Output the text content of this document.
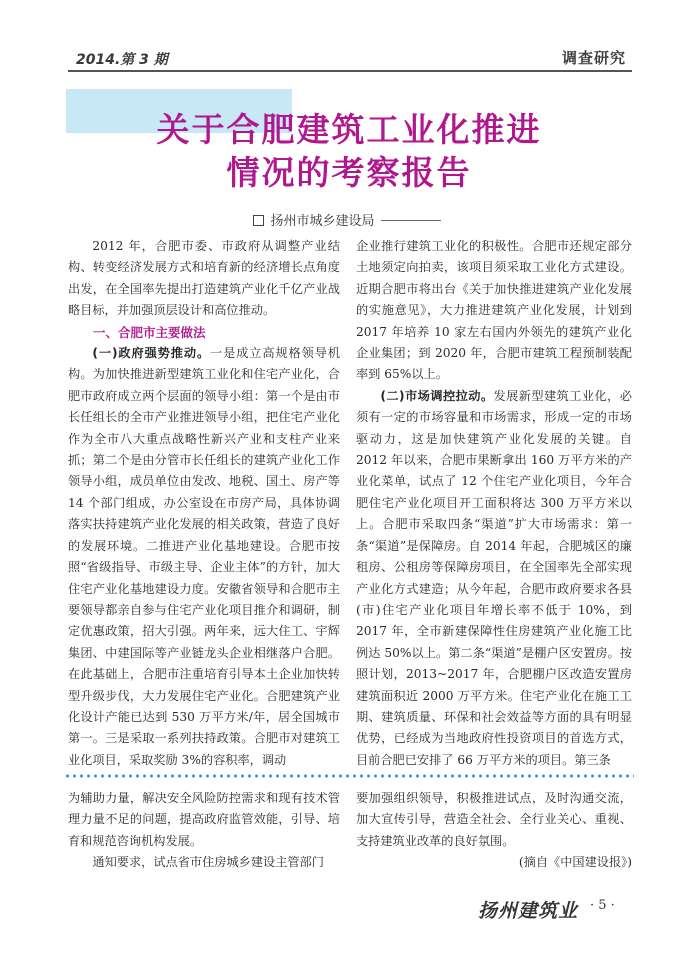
2014.第 3 期	调查研究
关于合肥建筑工业化推进
情况的考察报告
扬州市城乡建设局

2012 年，合肥市委、市政府从调整产业结构、转变经济发展方式和培育新的经济增长点角度出发，在全国率先提出打造建筑产业化千亿产业战略目标，并加强顶层设计和高位推动。

一、合肥市主要做法

(一)政府强势推动。一是成立高规格领导机构。为加快推进新型建筑工业化和住宅产业化，合肥市政府成立两个层面的领导小组：第一个是由市长任组长的全市产业推进领导小组，把住宅产业化作为全市八大重点战略性新兴产业和支柱产业来抓；第二个是由分管市长任组长的建筑产业化工作领导小组，成员单位由发改、地税、国土、房产等 14 个部门组成，办公室设在市房产局，具体协调落实扶持建筑产业化发展的相关政策，营造了良好的发展环境。二推进产业化基地建设。合肥市按照“省级指导、市级主导、企业主体”的方针，加大住宅产业化基地建设力度。安徽省领导和合肥市主要领导都亲自参与住宅产业化项目推介和调研，制定优惠政策，招大引强。两年来，远大住工、宇辉集团、中建国际等产业链龙头企业相继落户合肥。在此基础上，合肥市注重培育引导本土企业加快转型升级步伐，大力发展住宅产业化。合肥建筑产业化设计产能已达到 530 万平方米/年，居全国城市第一。三是采取一系列扶持政策。合肥市对建筑工业化项目，采取奖励 3%的容积率，调动

企业推行建筑工业化的积极性。合肥市还规定部分土地须定向拍卖，该项目须采取工业化方式建设。近期合肥市将出台《关于加快推进建筑产业化发展的实施意见》，大力推进建筑产业化发展，计划到 2017 年培养 10 家左右国内外领先的建筑产业化企业集团；到 2020 年，合肥市建筑工程预制装配率到 65%以上。

(二)市场调控拉动。发展新型建筑工业化，必须有一定的市场容量和市场需求，形成一定的市场驱动力，这是加快建筑产业化发展的关键。自 2012 年以来，合肥市果断拿出 160 万平方米的产业化菜单，试点了 12 个住宅产业化项目，今年合肥住宅产业化项目开工面积将达 300 万平方米以上。合肥市采取四条“渠道”扩大市场需求：第一条“渠道”是保障房。自 2014 年起，合肥城区的廉租房、公租房等保障房项目，在全国率先全部实现产业化方式建造；从今年起，合肥市政府要求各县(市)住宅产业化项目年增长率不低于 10%，到 2017 年，全市新建保障性住房建筑产业化施工比例达 50%以上。第二条“渠道”是棚户区安置房。按照计划，2013~2017 年，合肥棚户区改造安置房建筑面积近 2000 万平方米。住宅产业化在施工工期、建筑质量、环保和社会效益等方面的具有明显优势，已经成为当地政府性投资项目的首选方式，目前合肥已安排了 66 万平方米的项目。第三条

为辅助力量，解决安全风险防控需求和现有技术管理力量不足的问题，提高政府监管效能，引导、培育和规范咨询机构发展。

通知要求，试点省市住房城乡建设主管部门

要加强组织领导，积极推进试点，及时沟通交流，加大宣传引导，营造全社会、全行业关心、重视、支持建筑业改革的良好氛围。

(摘自《中国建设报》)

扬州建筑业 · 5 ·
